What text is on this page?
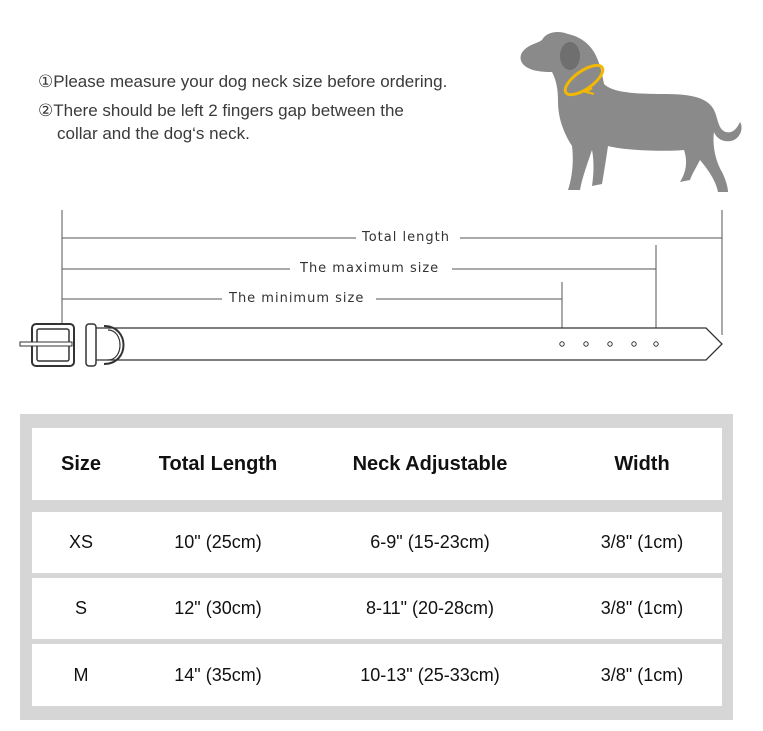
①Please measure your dog neck size before ordering.
②There should be left 2 fingers gap between the
collar and the dog‘s neck.
Total length
The maximum size
The minimum size
Size	Total Length	Neck Adjustable	Width
XS	10" (25cm)	6-9" (15-23cm)	3/8" (1cm)
S	12" (30cm)	8-11" (20-28cm)	3/8" (1cm)
M	14" (35cm)	10-13" (25-33cm)	3/8" (1cm)
